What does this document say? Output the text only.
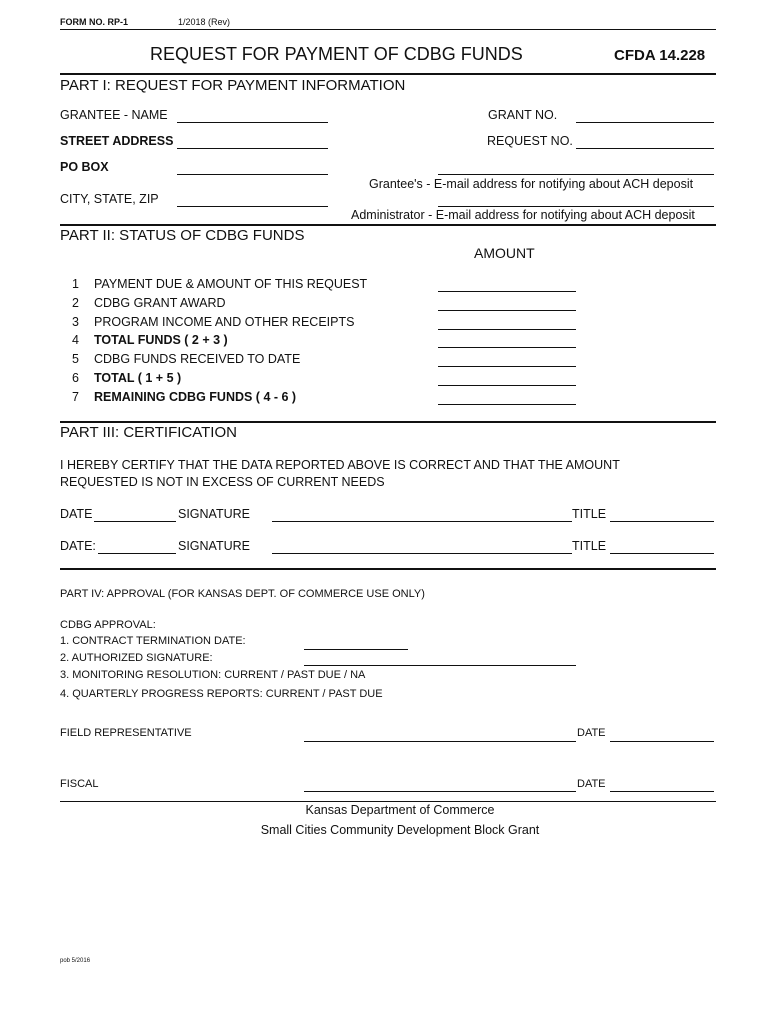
FORM NO. RP-1	1/2018 (Rev)
REQUEST FOR PAYMENT OF CDBG FUNDS	CFDA 14.228
PART I: REQUEST FOR PAYMENT INFORMATION
GRANTEE - NAME
STREET ADDRESS
PO BOX
CITY, STATE, ZIP
GRANT NO.
REQUEST NO.
Grantee's - E-mail address for notifying about ACH deposit
Administrator - E-mail address for notifying about ACH deposit
PART II: STATUS OF CDBG FUNDS
AMOUNT
1 PAYMENT DUE & AMOUNT OF THIS REQUEST
2 CDBG GRANT AWARD
3 PROGRAM INCOME AND OTHER RECEIPTS
4 TOTAL FUNDS ( 2 + 3 )
5 CDBG FUNDS RECEIVED TO DATE
6 TOTAL ( 1 + 5 )
7 REMAINING CDBG FUNDS ( 4 - 6 )
PART III: CERTIFICATION
I HEREBY CERTIFY THAT THE DATA REPORTED ABOVE IS CORRECT AND THAT THE AMOUNT
REQUESTED IS NOT IN EXCESS OF CURRENT NEEDS
DATE	SIGNATURE	TITLE
DATE:	SIGNATURE	TITLE
PART IV: APPROVAL (FOR KANSAS DEPT. OF COMMERCE USE ONLY)
CDBG APPROVAL:
1. CONTRACT TERMINATION DATE:
2. AUTHORIZED SIGNATURE:
3. MONITORING RESOLUTION: CURRENT / PAST DUE / NA
4. QUARTERLY PROGRESS REPORTS: CURRENT / PAST DUE
FIELD REPRESENTATIVE	DATE
FISCAL	DATE
Kansas Department of Commerce
Small Cities Community Development Block Grant
pob 5/2016
